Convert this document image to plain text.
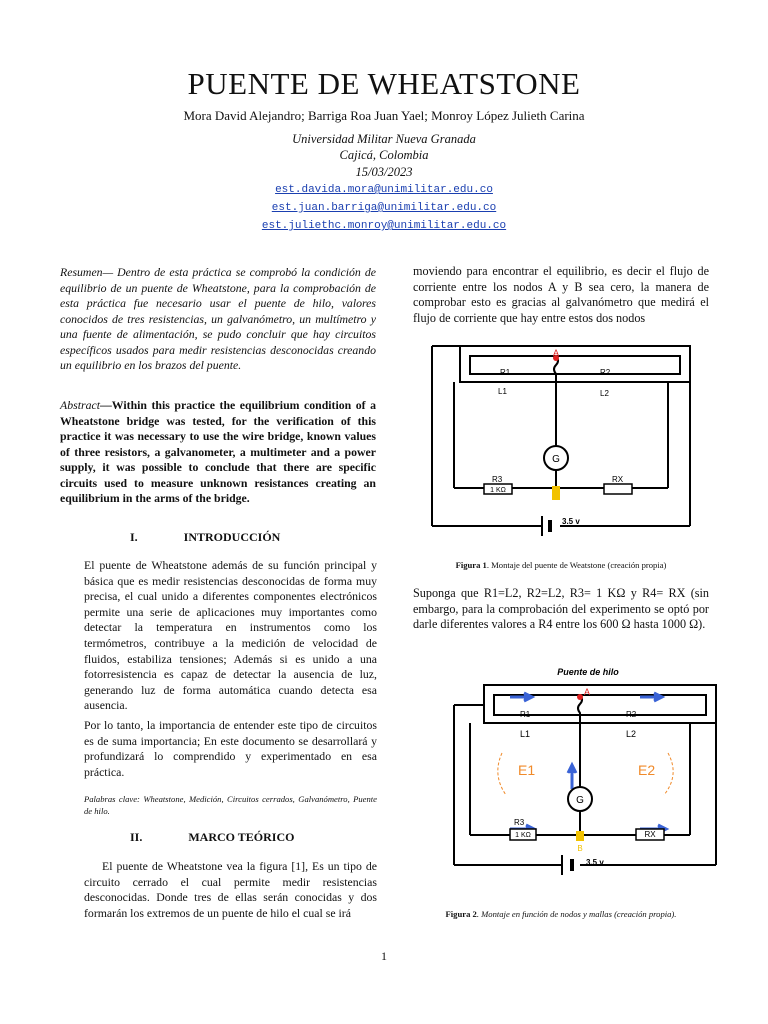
PUENTE DE WHEATSTONE
Mora David Alejandro; Barriga Roa Juan Yael; Monroy López Julieth Carina
Universidad Militar Nueva Granada
Cajicá, Colombia
15/03/2023
est.davida.mora@unimilitar.edu.co
est.juan.barriga@unimilitar.edu.co
est.juliethc.monroy@unimilitar.edu.co

Resumen— Dentro de esta práctica se comprobó la condición de equilibrio de un puente de Wheatstone, para la comprobación de esta práctica fue necesario usar el puente de hilo, valores conocidos de tres resistencias, un galvanómetro, un multímetro y una fuente de alimentación, se pudo concluir que hay circuitos específicos usados para medir resistencias desconocidas creando un equilibrio en los brazos del puente.

Abstract—Within this practice the equilibrium condition of a Wheatstone bridge was tested, for the verification of this practice it was necessary to use the wire bridge, known values of three resistors, a galvanometer, a multimeter and a power supply, it was possible to conclude that there are specific circuits used to measure unknown resistances creating an equilibrium in the arms of the bridge.

I.	INTRODUCCIÓN

El puente de Wheatstone además de su función principal y básica que es medir resistencias desconocidas de forma muy precisa, el cual unido a diferentes componentes electrónicos permite una serie de aplicaciones muy importantes como detectar la temperatura en instrumentos como los termómetros, contribuye a la medición de velocidad de fluidos, estabiliza tensiones; Además si es unido a una fotorresistencia es capaz de detectar la ausencia de luz, generando luz de forma automática cuando detecta esa ausencia.

Por lo tanto, la importancia de entender este tipo de circuitos es de suma importancia; En este documento se desarrollará y profundizará lo comprendido y experimentado en esa práctica.

Palabras clave: Wheatstone, Medición, Circuitos cerrados, Galvanómetro, Puente de hilo.

II.	MARCO TEÓRICO

El puente de Wheatstone vea la figura [1], Es un tipo de circuito cerrado el cual permite medir resistencias desconocidas. Donde tres de ellas serán conocidas y dos formarán los extremos de un puente de hilo el cual se irá

moviendo para encontrar el equilibrio, es decir el flujo de corriente entre los nodos A y B sea cero, la manera de comprobar esto es gracias al galvanómetro que medirá el flujo de corriente que hay entre estos dos nodos

A
G
R1	R2
L1	L2
R3
1 KΩ
RX
3.5 v
Figura 1. Montaje del puente de Weatstone (creación propia)

Suponga que R1=L2, R2=L2, R3= 1 KΩ y R4= RX (sin embargo, para la comprobación del experimento se optó por darle diferentes valores a R4 entre los 600 Ω hasta 1000 Ω).

Puente de hilo
A
R1	R2
L1	L2
E1	E2
G
B
R3
1 KΩ	RX
3.5 v
Figura 2. Montaje en función de nodos y mallas (creación propia).
1
